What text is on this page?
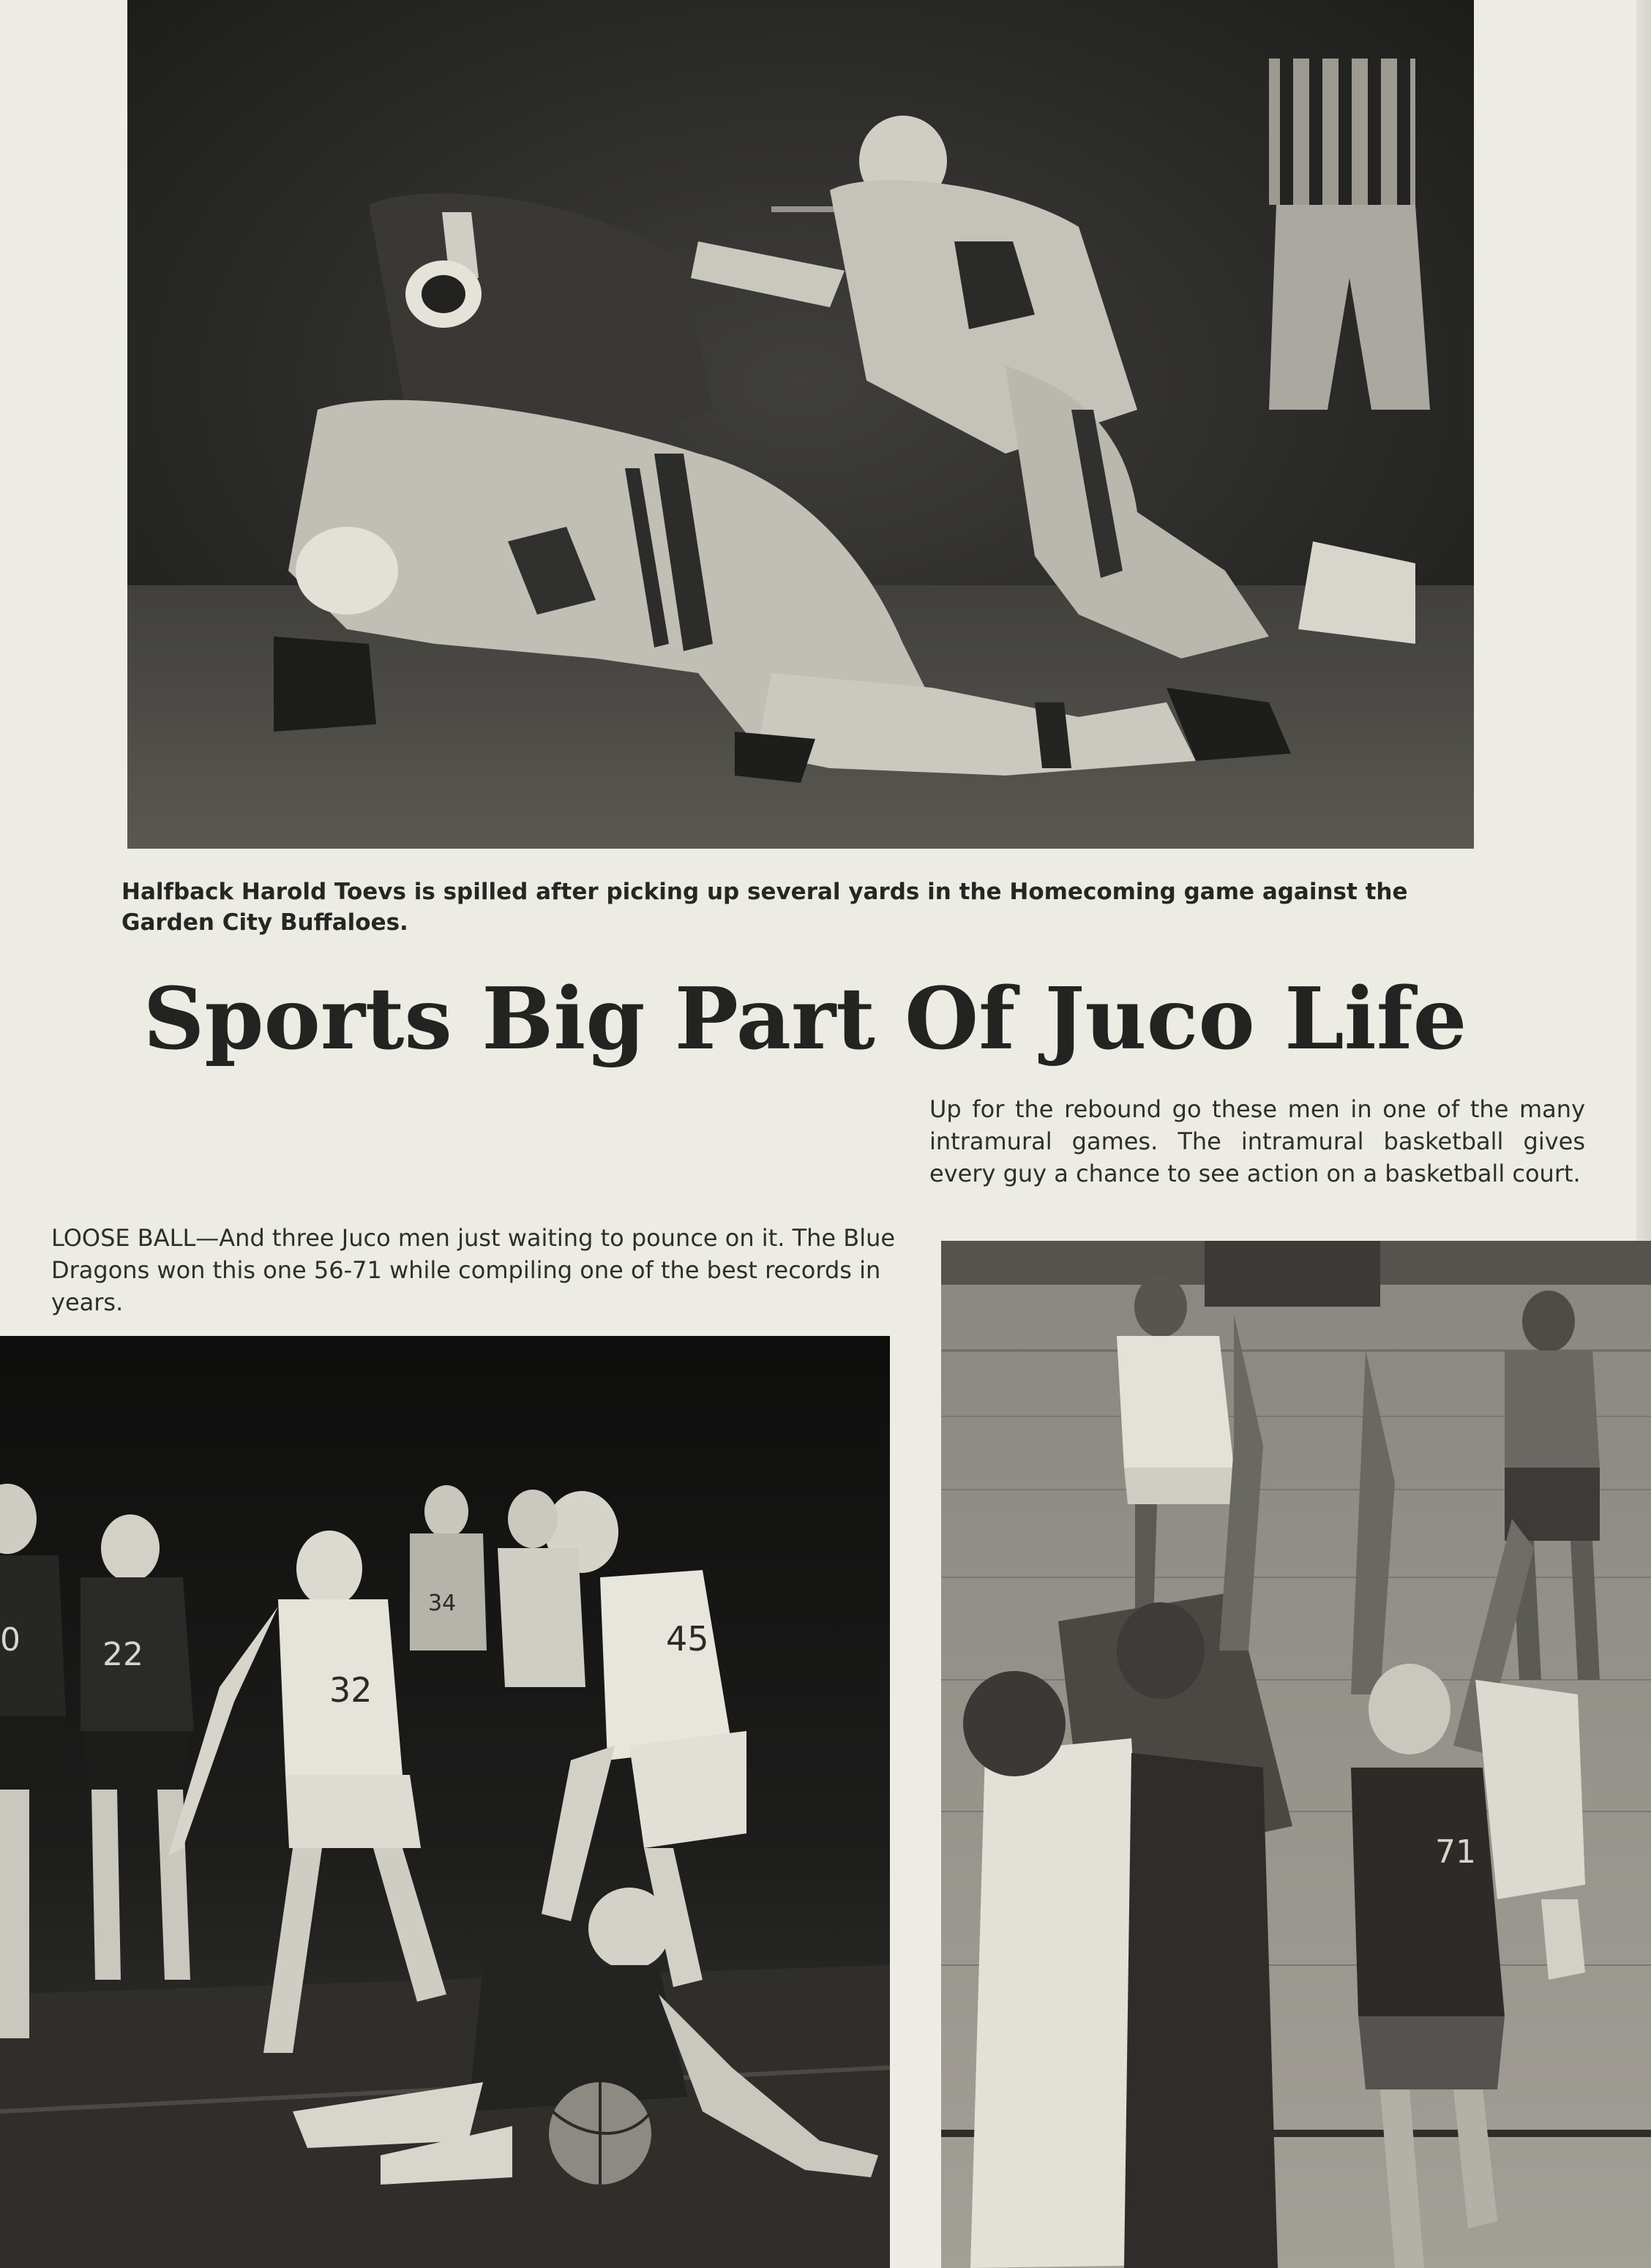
Halfback Harold Toevs is spilled after picking up several yards in the Homecoming game against the Garden City Buffaloes.

Sports Big Part Of Juco Life

Up for the rebound go these men in one of the many intramural games. The intramural basketball gives every guy a chance to see action on a basketball court.

LOOSE BALL—And three Juco men just waiting to pounce on it. The Blue Dragons won this one 56-71 while compiling one of the best records in years.

0	22
34
32
45
71
